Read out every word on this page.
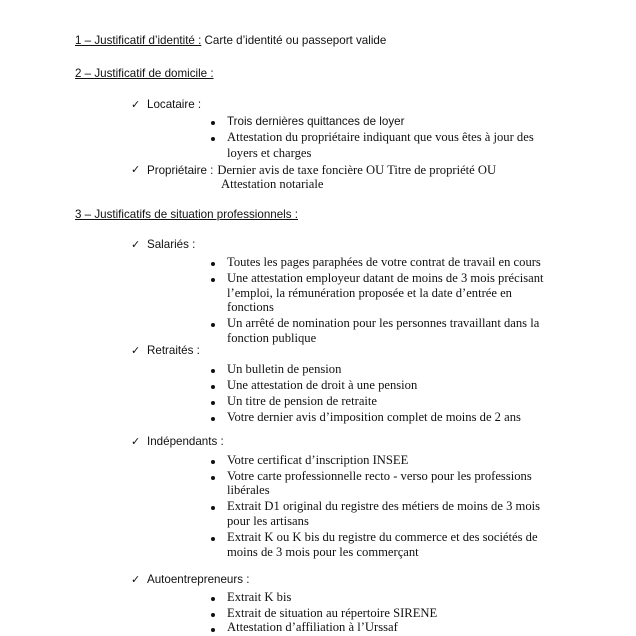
1 – Justificatif d’identité : Carte d’identité ou passeport valide
2 – Justificatif de domicile :
✓ Locataire :
Trois dernières quittances de loyer
Attestation du propriétaire indiquant que vous êtes à jour des
loyers et charges
✓ Propriétaire : Dernier avis de taxe foncière OU Titre de propriété OU
Attestation notariale
3 – Justificatifs de situation professionnels :
✓ Salariés :
Toutes les pages paraphées de votre contrat de travail en cours
Une attestation employeur datant de moins de 3 mois précisant
l’emploi, la rémunération proposée et la date d’entrée en
fonctions
Un arrêté de nomination pour les personnes travaillant dans la
fonction publique
✓ Retraités :
Un bulletin de pension
Une attestation de droit à une pension
Un titre de pension de retraite
Votre dernier avis d’imposition complet de moins de 2 ans
✓ Indépendants :
Votre certificat d’inscription INSEE
Votre carte professionnelle recto - verso pour les professions
libérales
Extrait D1 original du registre des métiers de moins de 3 mois
pour les artisans
Extrait K ou K bis du registre du commerce et des sociétés de
moins de 3 mois pour les commerçant
✓ Autoentrepreneurs :
Extrait K bis
Extrait de situation au répertoire SIRENE
Attestation d’affiliation à l’Urssaf
